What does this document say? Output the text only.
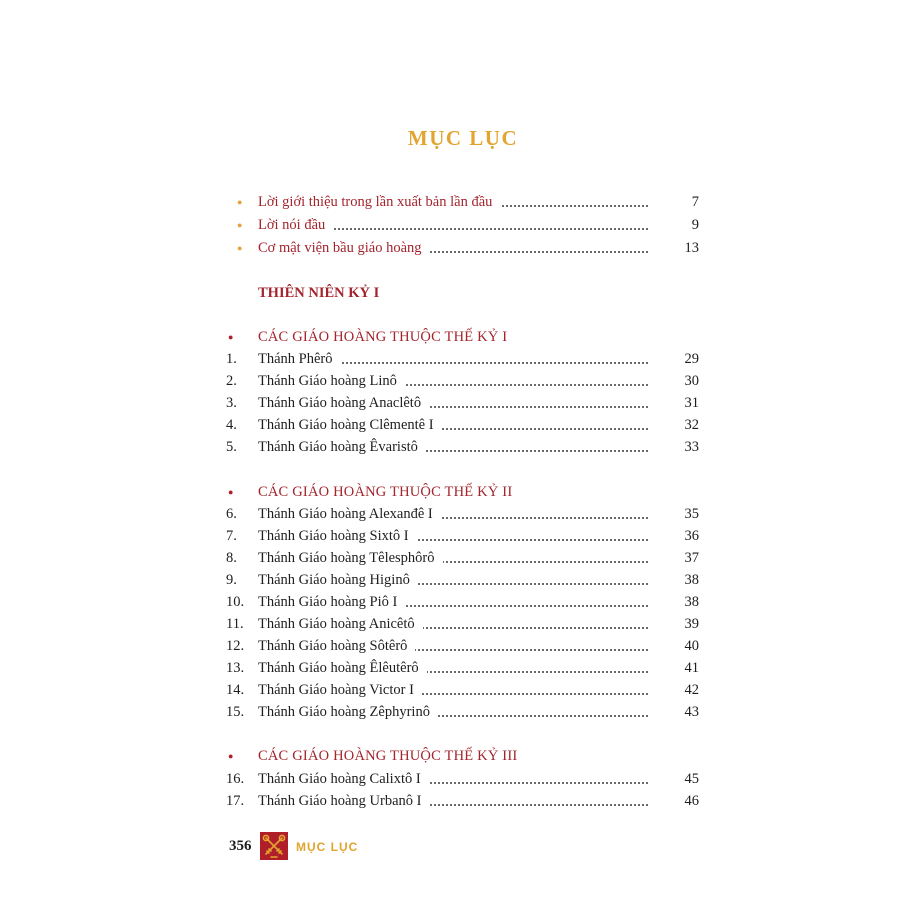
MỤC LỤC
● Lời giới thiệu trong lần xuất bản lần đầu	7
● Lời nói đầu	9
● Cơ mật viện bầu giáo hoàng	13
THIÊN NIÊN KỶ I
● CÁC GIÁO HOÀNG THUỘC THẾ KỶ I
1. Thánh Phêrô	29
2. Thánh Giáo hoàng Linô	30
3. Thánh Giáo hoàng Anaclêtô	31
4. Thánh Giáo hoàng Clêmentê I	32
5. Thánh Giáo hoàng Êvaristô	33
● CÁC GIÁO HOÀNG THUỘC THẾ KỶ II
6. Thánh Giáo hoàng Alexanđê I	35
7. Thánh Giáo hoàng Sixtô I	36
8. Thánh Giáo hoàng Têlesphôrô	37
9. Thánh Giáo hoàng Higinô	38
10. Thánh Giáo hoàng Piô I	38
11. Thánh Giáo hoàng Anicêtô	39
12. Thánh Giáo hoàng Sôtêrô	40
13. Thánh Giáo hoàng Êlêutêrô	41
14. Thánh Giáo hoàng Victor I	42
15. Thánh Giáo hoàng Zêphyrinô	43
● CÁC GIÁO HOÀNG THUỘC THẾ KỶ III
16. Thánh Giáo hoàng Calixtô I	45
17. Thánh Giáo hoàng Urbanô I	46
356	MỤC LỤC
